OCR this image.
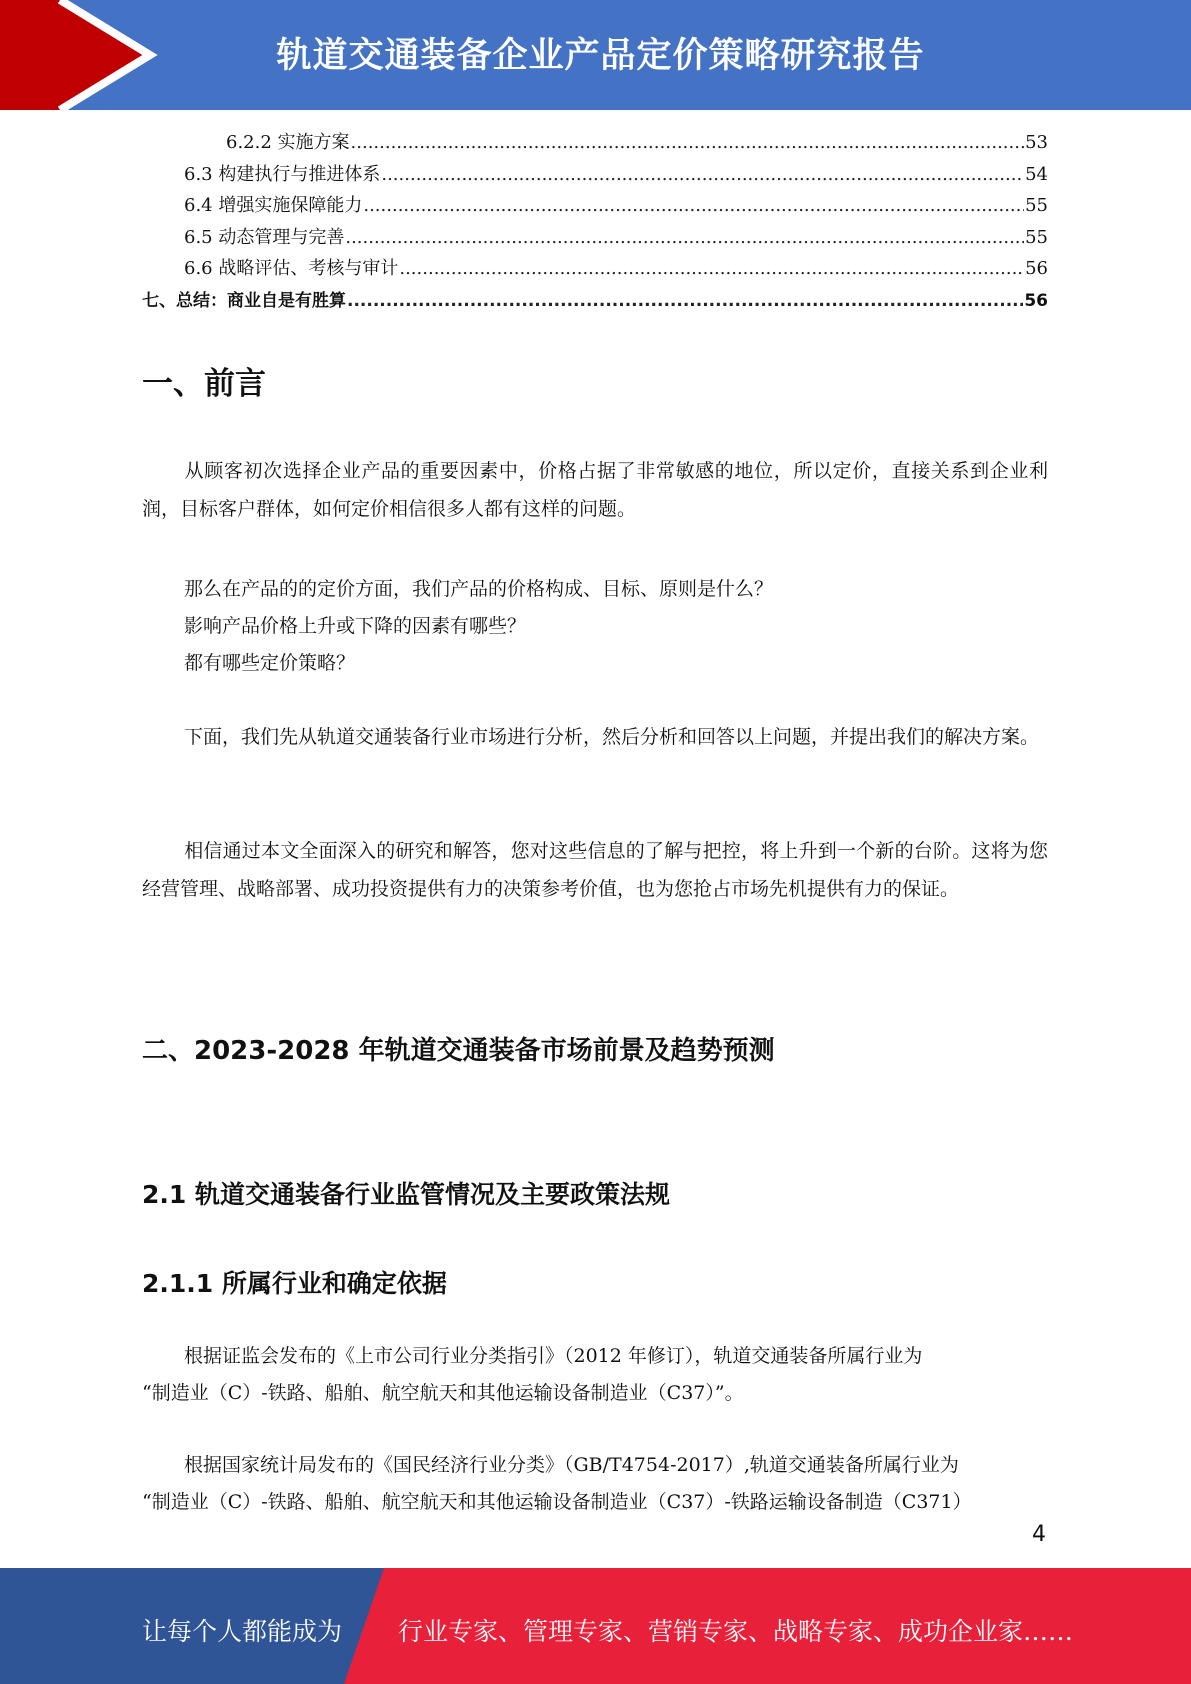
轨道交通装备企业产品定价策略研究报告
6.2.2 实施方案 .....	53
6.3 构建执行与推进体系 .....	54
6.4 增强实施保障能力 .....	55
6.5 动态管理与完善 .....	55
6.6 战略评估、考核与审计 .....	56
七、总结：商业自是有胜算 .....	56
一、前言
从顾客初次选择企业产品的重要因素中，价格占据了非常敏感的地位，所以定价，直接关系到企业利润，目标客户群体，如何定价相信很多人都有这样的问题。
那么在产品的的定价方面，我们产品的价格构成、目标、原则是什么？
影响产品价格上升或下降的因素有哪些？
都有哪些定价策略？
下面，我们先从轨道交通装备行业市场进行分析，然后分析和回答以上问题，并提出我们的解决方案。
相信通过本文全面深入的研究和解答，您对这些信息的了解与把控，将上升到一个新的台阶。这将为您经营管理、战略部署、成功投资提供有力的决策参考价值，也为您抢占市场先机提供有力的保证。
二、2023-2028 年轨道交通装备市场前景及趋势预测
2.1 轨道交通装备行业监管情况及主要政策法规
2.1.1 所属行业和确定依据
根据证监会发布的《上市公司行业分类指引》（2012 年修订），轨道交通装备所属行业为
“制造业（C）-铁路、船舶、航空航天和其他运输设备制造业（C37）”。
根据国家统计局发布的《国民经济行业分类》（GB/T4754-2017）,轨道交通装备所属行业为
“制造业（C）-铁路、船舶、航空航天和其他运输设备制造业（C37）-铁路运输设备制造（C371）
4
让每个人都能成为 行业专家、管理专家、营销专家、战略专家、成功企业家……
